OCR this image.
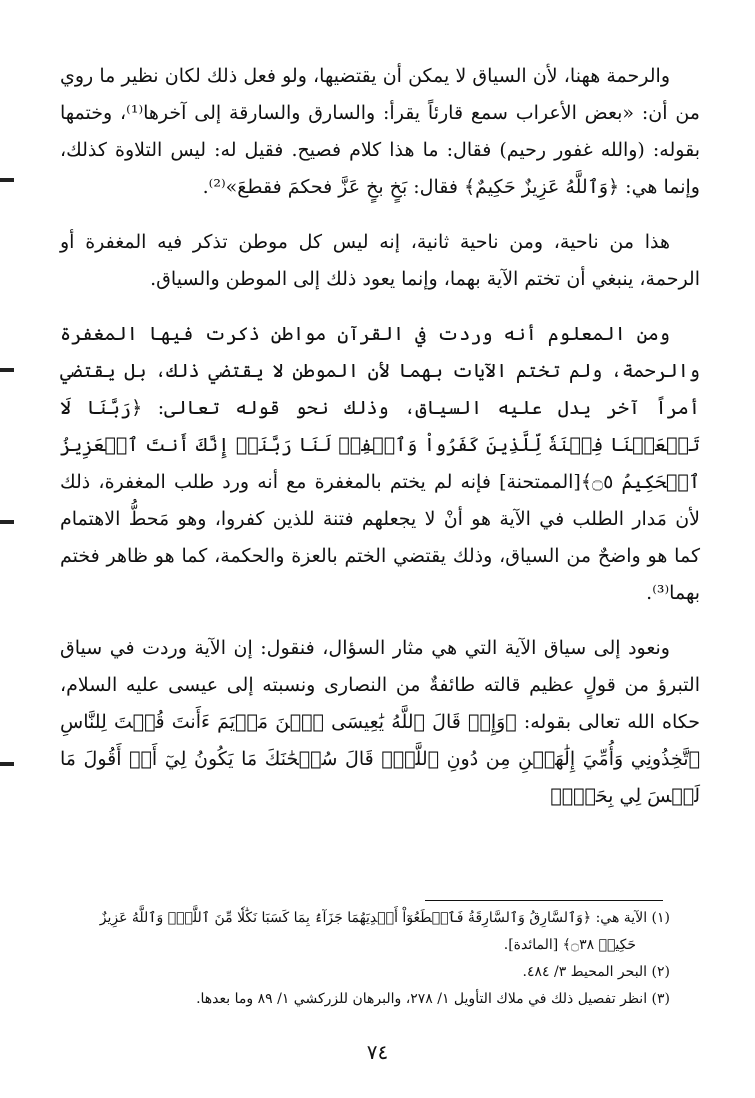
والرحمة ههنا، لأن السياق لا يمكن أن يقتضيها، ولو فعل ذلك لكان نظير ما روي من أن: «بعض الأعراب سمع قارئاً يقرأ: والسارق والسارقة إلى آخرها⁽¹⁾، وختمها بقوله: (والله غفور رحيم) فقال: ما هذا كلام فصيح. فقيل له: ليس التلاوة كذلك، وإنما هي: ﴿وَٱللَّهُ عَزِيزٌ حَكِيمٌ﴾ فقال: بَخٍ بخٍ عَزَّ فحكمَ فقطعَ»⁽²⁾.

هذا من ناحية، ومن ناحية ثانية، إنه ليس كل موطن تذكر فيه المغفرة أو الرحمة، ينبغي أن تختم الآية بهما، وإنما يعود ذلك إلى الموطن والسياق.

ومن المعلوم أنه وردت في القرآن مواطن ذكرت فيها المغفرة والرحمة، ولم تختم الآيات بهما لأن الموطن لا يقتضي ذلك، بل يقتضي أمراً آخر يدل عليه السياق، وذلك نحو قوله تعالى: ﴿رَبَّنَا لَا تَجۡعَلۡنَا فِتۡنَةٗ لِّلَّذِينَ كَفَرُواْ وَٱغۡفِرۡ لَنَا رَبَّنَآۖ إِنَّكَ أَنتَ ٱلۡعَزِيزُ ٱلۡحَكِيمُ ۝٥﴾[الممتحنة] فإنه لم يختم بالمغفرة مع أنه ورد طلب المغفرة، ذلك لأن مَدار الطلب في الآية هو أنْ لا يجعلهم فتنة للذين كفروا، وهو مَحطُّ الاهتمام كما هو واضحٌ من السياق، وذلك يقتضي الختم بالعزة والحكمة، كما هو ظاهر فختم بهما⁽³⁾.

ونعود إلى سياق الآية التي هي مثار السؤال، فنقول: إن الآية وردت في سياق التبرؤ من قولٍ عظيم قالته طائفةٌ من النصارى ونسبته إلى عيسى عليه السلام، حكاه الله تعالى بقوله: ﴿وَإِذۡ قَالَ ٱللَّهُ يَٰعِيسَى ٱبۡنَ مَرۡيَمَ ءَأَنتَ قُلۡتَ لِلنَّاسِ ٱتَّخِذُونِي وَأُمِّيَ إِلَٰهَيۡنِ مِن دُونِ ٱللَّهِۖ قَالَ سُبۡحَٰنَكَ مَا يَكُونُ لِيٓ أَنۡ أَقُولَ مَا لَيۡسَ لِي بِحَقٍّۚ

(١) الآية هي: ﴿وَٱلسَّارِقُ وَٱلسَّارِقَةُ فَٱقۡطَعُوٓاْ أَيۡدِيَهُمَا جَزَآءَۢ بِمَا كَسَبَا نَكَٰلٗا مِّنَ ٱللَّهِۗ وَٱللَّهُ عَزِيزٌ

حَكِيمٞ ۝٣٨﴾ [المائدة].

(٢) البحر المحيط ٣/ ٤٨٤.

(٣) انظر تفصيل ذلك في ملاك التأويل ١/ ٢٧٨، والبرهان للزركشي ١/ ٨٩ وما بعدها.

٧٤
